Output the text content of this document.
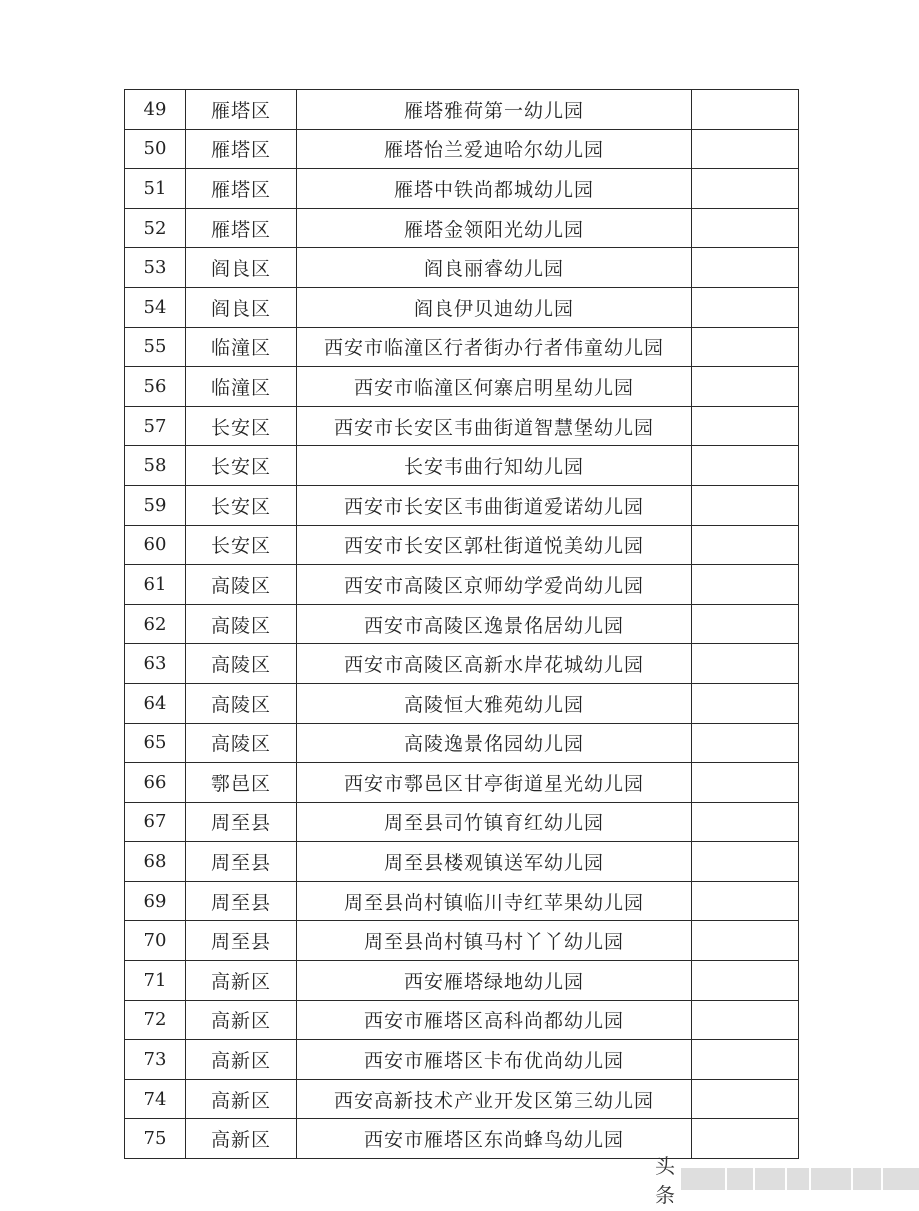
49	雁塔区	雁塔雅荷第一幼儿园	
50	雁塔区	雁塔怡兰爱迪哈尔幼儿园	
51	雁塔区	雁塔中铁尚都城幼儿园	
52	雁塔区	雁塔金领阳光幼儿园	
53	阎良区	阎良丽睿幼儿园	
54	阎良区	阎良伊贝迪幼儿园	
55	临潼区	西安市临潼区行者街办行者伟童幼儿园	
56	临潼区	西安市临潼区何寨启明星幼儿园	
57	长安区	西安市长安区韦曲街道智慧堡幼儿园	
58	长安区	长安韦曲行知幼儿园	
59	长安区	西安市长安区韦曲街道爱诺幼儿园	
60	长安区	西安市长安区郭杜街道悦美幼儿园	
61	高陵区	西安市高陵区京师幼学爱尚幼儿园	
62	高陵区	西安市高陵区逸景佲居幼儿园	
63	高陵区	西安市高陵区高新水岸花城幼儿园	
64	高陵区	高陵恒大雅苑幼儿园	
65	高陵区	高陵逸景佲园幼儿园	
66	鄠邑区	西安市鄠邑区甘亭街道星光幼儿园	
67	周至县	周至县司竹镇育红幼儿园	
68	周至县	周至县楼观镇送军幼儿园	
69	周至县	周至县尚村镇临川寺红苹果幼儿园	
70	周至县	周至县尚村镇马村丫丫幼儿园	
71	高新区	西安雁塔绿地幼儿园	
72	高新区	西安市雁塔区高科尚都幼儿园	
73	高新区	西安市雁塔区卡布优尚幼儿园	
74	高新区	西安高新技术产业开发区第三幼儿园	
75	高新区	西安市雁塔区东尚蜂鸟幼儿园	
头条
